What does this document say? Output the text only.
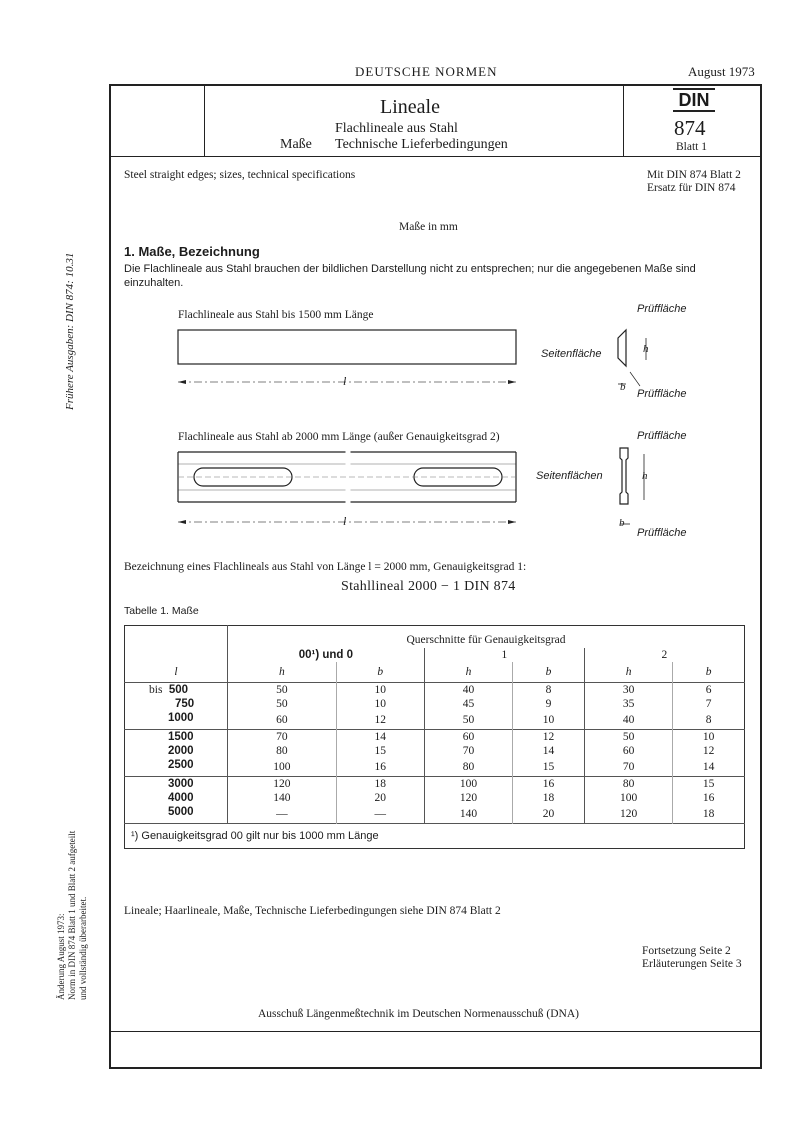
DEUTSCHE NORMEN	August 1973
Lineale
Flachlineale aus Stahl
Maße Technische Lieferbedingungen
DIN
874
Blatt 1
Steel straight edges; sizes, technical specifications	Mit DIN 874 Blatt 2
Ersatz für DIN 874
Maße in mm
1. Maße, Bezeichnung
Die Flachlineale aus Stahl brauchen der bildlichen Darstellung nicht zu entsprechen; nur die angegebenen Maße sind einzuhalten.
Flachlineale aus Stahl bis 1500 mm Länge
l
Prüffläche
Seitenfläche	h
b
Prüffläche
Flachlineale aus Stahl ab 2000 mm Länge (außer Genauigkeitsgrad 2)
l
Prüffläche
Seitenflächen	h
b
Prüffläche
Bezeichnung eines Flachlineals aus Stahl von Länge l = 2000 mm, Genauigkeitsgrad 1:
Stahllineal 2000 − 1 DIN 874
Tabelle 1. Maße
	Querschnitte für Genauigkeitsgrad					
	00¹) und 0		1		2	
l	h	b	h	b	h	b
bis 500	50	10	40	8	30	6
750	50	10	45	9	35	7
1000	60	12	50	10	40	8
1500	70	14	60	12	50	10
2000	80	15	70	14	60	12
2500	100	16	80	15	70	14
3000	120	18	100	16	80	15
4000	140	20	120	18	100	16
5000	—	—	140	20	120	18
¹) Genauigkeitsgrad 00 gilt nur bis 1000 mm Länge						
Lineale; Haarlineale, Maße, Technische Lieferbedingungen siehe DIN 874 Blatt 2
Fortsetzung Seite 2
Erläuterungen Seite 3
Ausschuß Längenmeßtechnik im Deutschen Normenausschuß (DNA)
Frühere Ausgaben: DIN 874: 10.31
Änderung August 1973: Norm in DIN 874 Blatt 1 und Blatt 2 aufgeteilt und vollständig überarbeitet.
